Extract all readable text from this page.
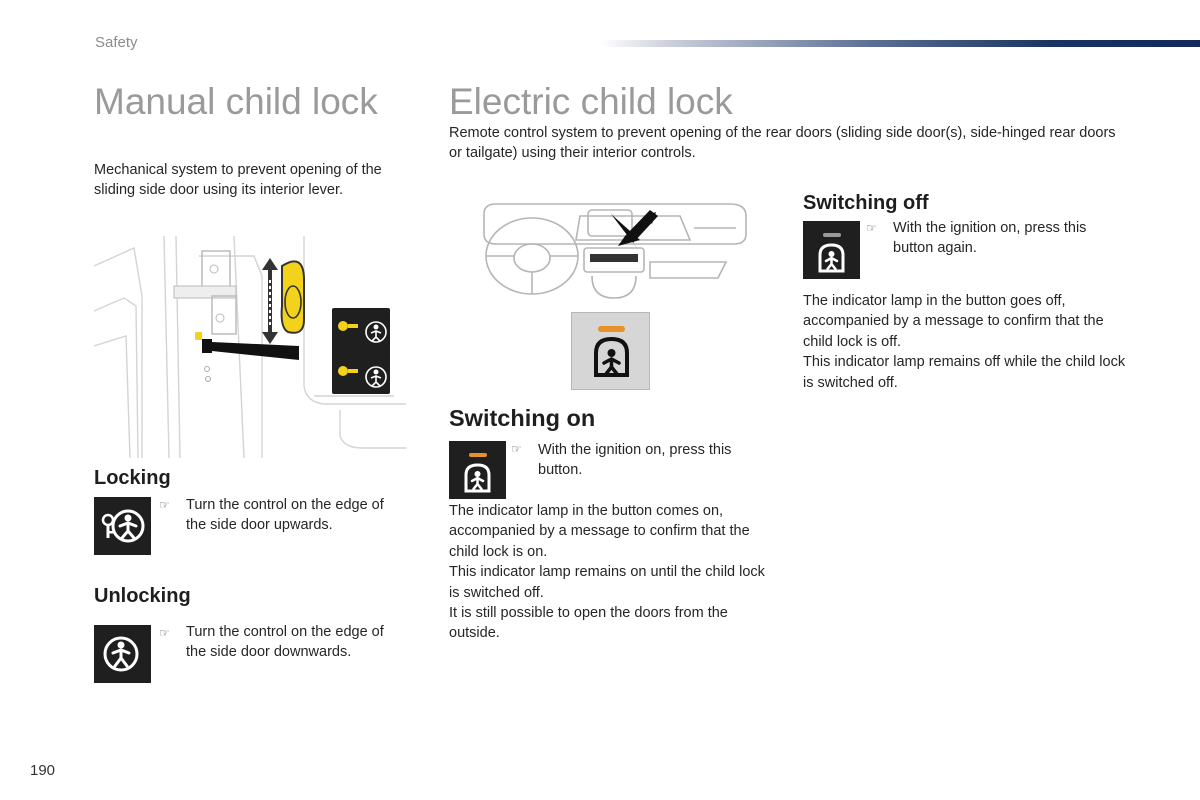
Safety
Manual child lock

Mechanical system to prevent opening of the sliding side door using its interior lever.

Locking
☞ Turn the control on the edge of the side door upwards.
Unlocking
☞ Turn the control on the edge of the side door downwards.
Electric child lock

Remote control system to prevent opening of the rear doors (sliding side door(s), side-hinged rear doors or tailgate) using their interior controls.

Switching on
☞ With the ignition on, press this button.

The indicator lamp in the button comes on, accompanied by a message to confirm that the child lock is on.
This indicator lamp remains on until the child lock is switched off.
It is still possible to open the doors from the outside.

Switching off
☞ With the ignition on, press this button again.

The indicator lamp in the button goes off, accompanied by a message to confirm that the child lock is off.
This indicator lamp remains off while the child lock is switched off.

190
